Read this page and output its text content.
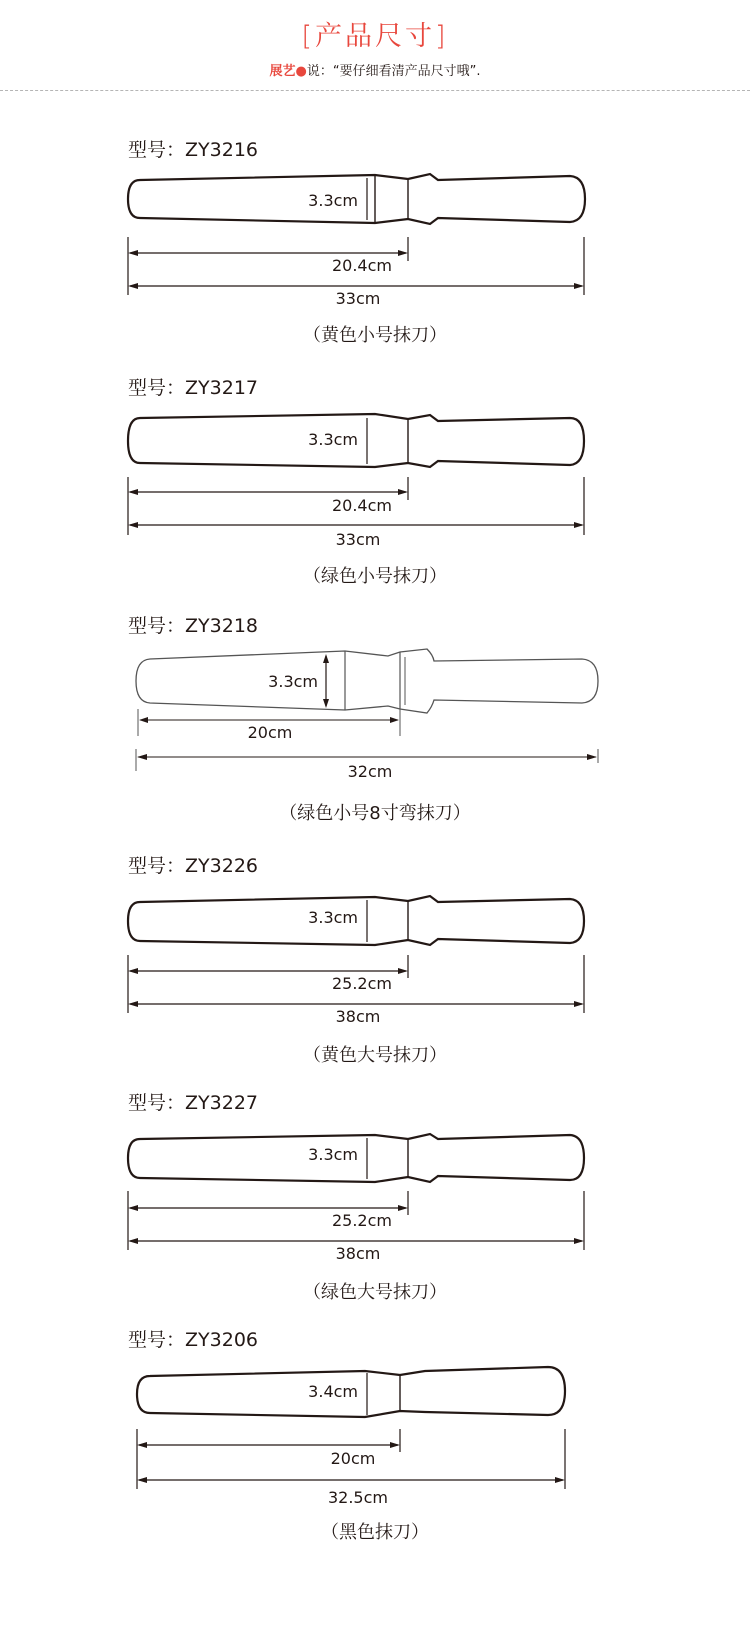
[产品尺寸]
展艺●说：“要仔细看清产品尺寸哦”.
型号：ZY3216
3.3cm
20.4cm
33cm
（黄色小号抹刀）
型号：ZY3217
3.3cm
20.4cm
33cm
（绿色小号抹刀）
型号：ZY3218
3.3cm
20cm
32cm
（绿色小号8寸弯抹刀）
型号：ZY3226
3.3cm
25.2cm
38cm
（黄色大号抹刀）
型号：ZY3227
3.3cm
25.2cm
38cm
（绿色大号抹刀）
型号：ZY3206
3.4cm
20cm
32.5cm
（黑色抹刀）
